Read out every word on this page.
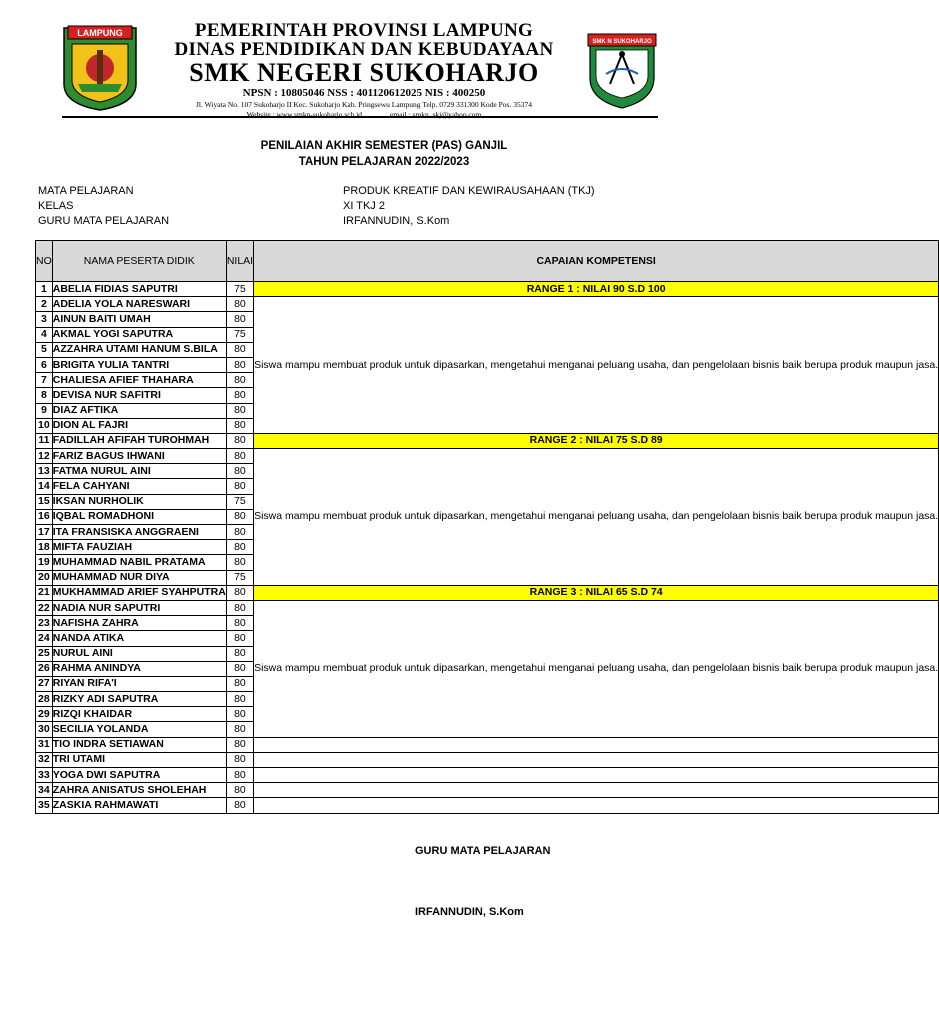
LAMPUNG	PEMERINTAH PROVINSI LAMPUNG
DINAS PENDIDIKAN DAN KEBUDAYAAN
SMK NEGERI SUKOHARJO
NPSN : 10805046 NSS : 401120612025 NIS : 400250
Jl. Wiyata No. 107 Sukoharjo II Kec. Sukoharjo Kab. Pringsewu Lampung Telp. 0729 331300 Kode Pos. 35374
Website : www.smkn-sukoharjo.sch.id	email : smkn_skj@yahoo.com
SMK N SUKOHARJO
PENILAIAN AKHIR SEMESTER (PAS) GANJIL
TAHUN PELAJARAN 2022/2023
MATA PELAJARAN	PRODUK KREATIF DAN KEWIRAUSAHAAN (TKJ)
KELAS	XI TKJ 2
GURU MATA PELAJARAN	IRFANNUDIN, S.Kom
NO	NAMA PESERTA DIDIK	NILAI	CAPAIAN KOMPETENSI
1	ABELIA FIDIAS SAPUTRI	75	RANGE 1 : NILAI 90 S.D 100
2	ADELIA YOLA NARESWARI	80	Siswa mampu membuat produk untuk dipasarkan, mengetahui menganai peluang usaha, dan pengelolaan bisnis baik berupa produk maupun jasa.
3	AINUN BAITI UMAH	80	
4	AKMAL YOGI SAPUTRA	75	
5	AZZAHRA UTAMI HANUM S.BILA	80	
6	BRIGITA YULIA TANTRI	80	
7	CHALIESA AFIEF THAHARA	80	
8	DEVISA NUR SAFITRI	80	
9	DIAZ AFTIKA	80	
10	DION AL FAJRI	80	
11	FADILLAH AFIFAH TUROHMAH	80	RANGE 2 : NILAI 75 S.D 89
12	FARIZ BAGUS IHWANI	80	Siswa mampu membuat produk untuk dipasarkan, mengetahui menganai peluang usaha, dan pengelolaan bisnis baik berupa produk maupun jasa.
13	FATMA NURUL AINI	80	
14	FELA CAHYANI	80	
15	IKSAN NURHOLIK	75	
16	IQBAL ROMADHONI	80	
17	ITA FRANSISKA ANGGRAENI	80	
18	MIFTA FAUZIAH	80	
19	MUHAMMAD NABIL PRATAMA	80	
20	MUHAMMAD NUR DIYA	75	
21	MUKHAMMAD ARIEF SYAHPUTRA	80	RANGE 3 : NILAI 65 S.D 74
22	NADIA NUR SAPUTRI	80	Siswa mampu membuat produk untuk dipasarkan, mengetahui menganai peluang usaha, dan pengelolaan bisnis baik berupa produk maupun jasa.
23	NAFISHA ZAHRA	80	
24	NANDA ATIKA	80	
25	NURUL AINI	80	
26	RAHMA ANINDYA	80	
27	RIYAN RIFA'I	80	
28	RIZKY ADI SAPUTRA	80	
29	RIZQI KHAIDAR	80	
30	SECILIA YOLANDA	80	
31	TIO INDRA SETIAWAN	80	
32	TRI UTAMI	80	
33	YOGA DWI SAPUTRA	80	
34	ZAHRA ANISATUS SHOLEHAH	80	
35	ZASKIA RAHMAWATI	80	
GURU MATA PELAJARAN
IRFANNUDIN, S.Kom
